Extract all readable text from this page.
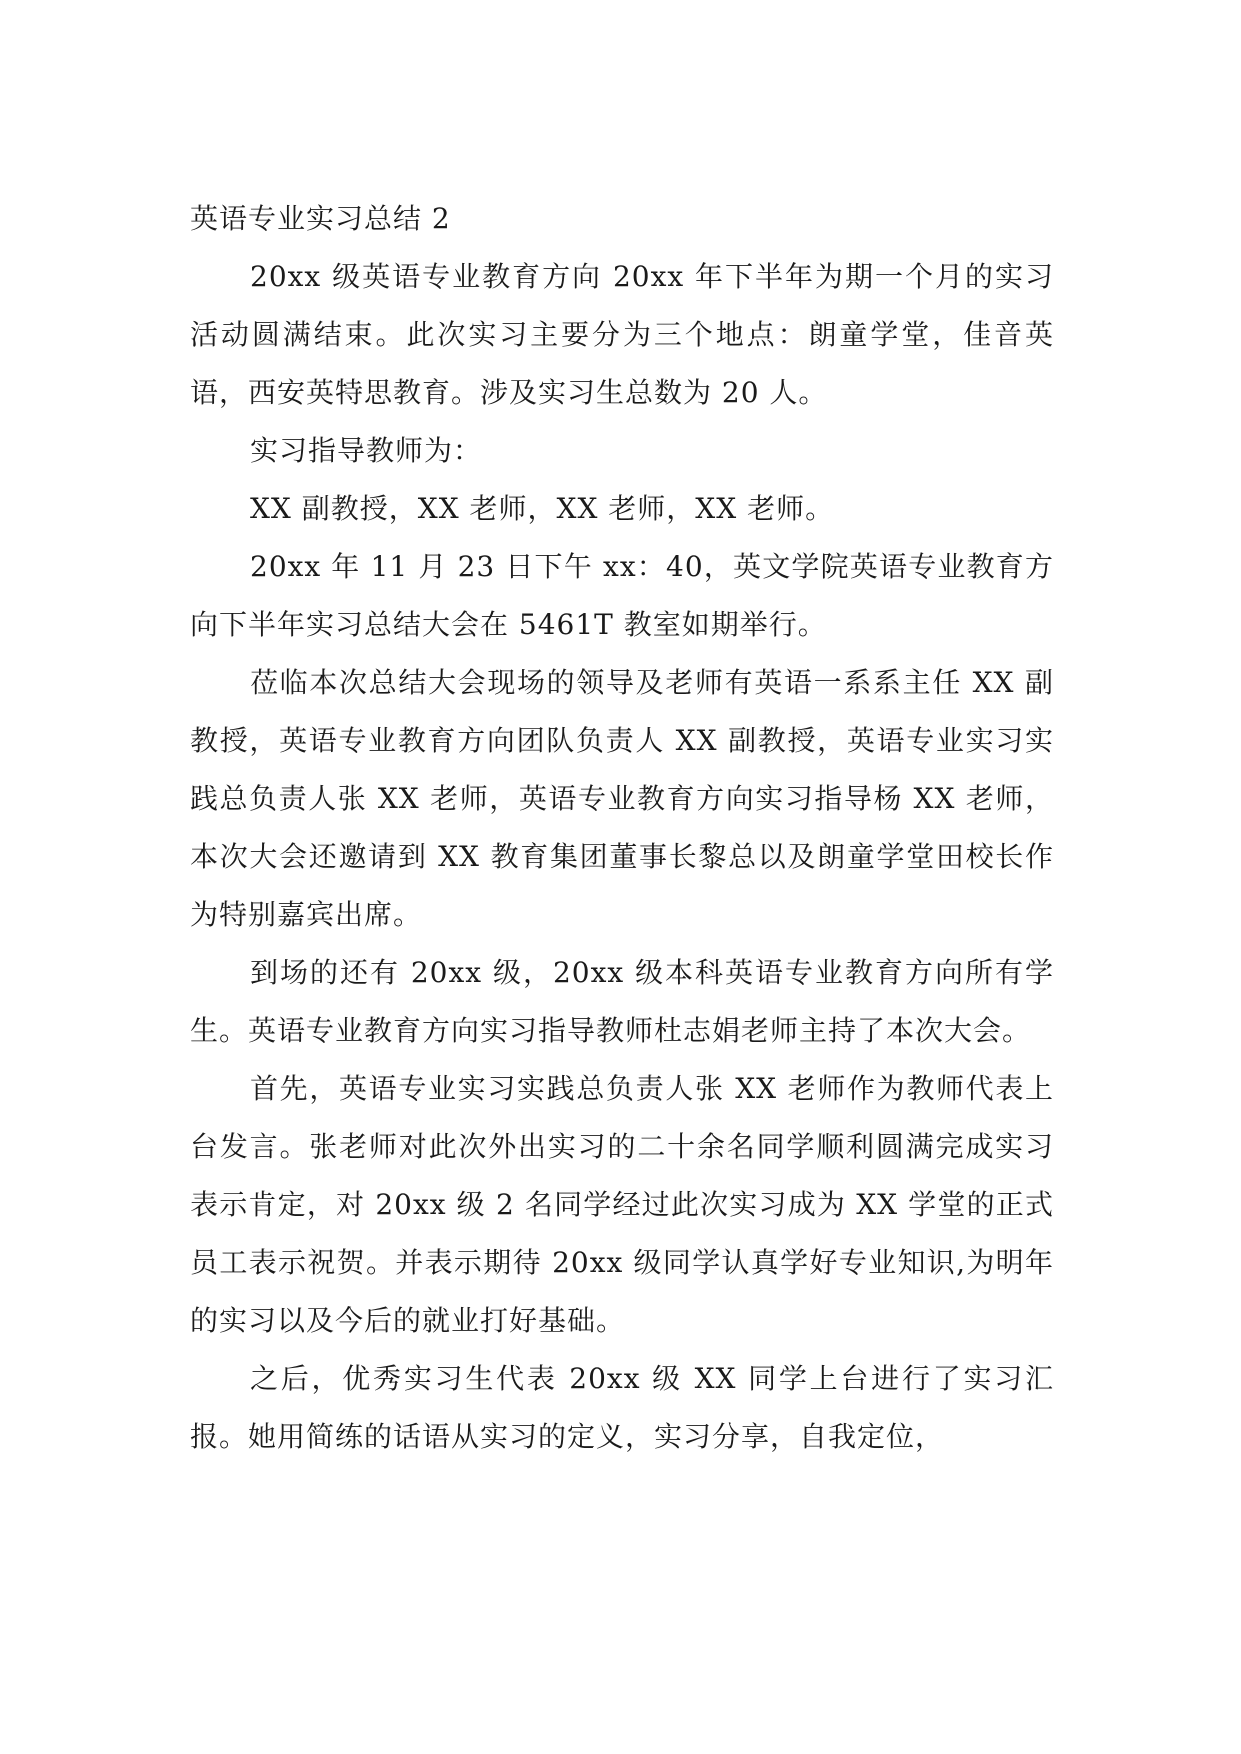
英语专业实习总结 2

20xx 级英语专业教育方向 20xx 年下半年为期一个月的实习活动圆满结束。此次实习主要分为三个地点：朗童学堂，佳音英语，西安英特思教育。涉及实习生总数为 20 人。

实习指导教师为：

XX 副教授，XX 老师，XX 老师，XX 老师。

20xx 年 11 月 23 日下午 xx：40，英文学院英语专业教育方向下半年实习总结大会在 5461T 教室如期举行。

莅临本次总结大会现场的领导及老师有英语一系系主任 XX 副教授，英语专业教育方向团队负责人 XX 副教授，英语专业实习实践总负责人张 XX 老师，英语专业教育方向实习指导杨 XX 老师，本次大会还邀请到 XX 教育集团董事长黎总以及朗童学堂田校长作为特别嘉宾出席。

到场的还有 20xx 级，20xx 级本科英语专业教育方向所有学生。英语专业教育方向实习指导教师杜志娟老师主持了本次大会。

首先，英语专业实习实践总负责人张 XX 老师作为教师代表上台发言。张老师对此次外出实习的二十余名同学顺利圆满完成实习表示肯定，对 20xx 级 2 名同学经过此次实习成为 XX 学堂的正式员工表示祝贺。并表示期待 20xx 级同学认真学好专业知识,为明年的实习以及今后的就业打好基础。

之后，优秀实习生代表 20xx 级 XX 同学上台进行了实习汇报。她用简练的话语从实习的定义，实习分享，自我定位，
